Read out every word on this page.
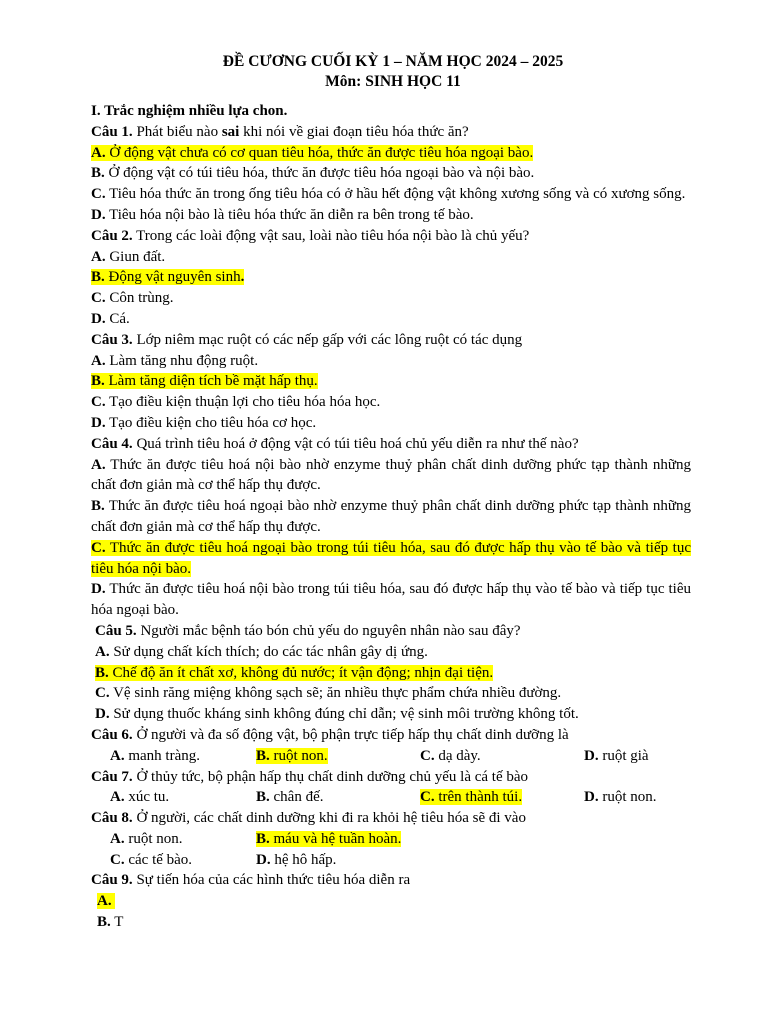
ĐỀ CƯƠNG CUỐI KỲ 1 – NĂM HỌC 2024 – 2025
Môn: SINH HỌC 11

I. Trắc nghiệm nhiều lựa chon.

Câu 1. Phát biểu nào sai khi nói về giai đoạn tiêu hóa thức ăn?

A. Ở động vật chưa có cơ quan tiêu hóa, thức ăn được tiêu hóa ngoại bào.

B. Ở động vật có túi tiêu hóa, thức ăn được tiêu hóa ngoại bào và nội bào.

C. Tiêu hóa thức ăn trong ống tiêu hóa có ở hầu hết động vật không xương sống và có xương sống.

D. Tiêu hóa nội bào là tiêu hóa thức ăn diễn ra bên trong tế bào.

Câu 2. Trong các loài động vật sau, loài nào tiêu hóa nội bào là chủ yếu?

A. Giun đất.

B. Động vật nguyên sinh.

C. Côn trùng.

D. Cá.

Câu 3. Lớp niêm mạc ruột có các nếp gấp với các lông ruột có tác dụng

A. Làm tăng nhu động ruột.

B. Làm tăng diện tích bề mặt hấp thụ.

C. Tạo điều kiện thuận lợi cho tiêu hóa hóa học.

D. Tạo điều kiện cho tiêu hóa cơ học.

Câu 4. Quá trình tiêu hoá ở động vật có túi tiêu hoá chủ yếu diễn ra như thế nào?

A. Thức ăn được tiêu hoá nội bào nhờ enzyme thuỷ phân chất dinh dưỡng phức tạp thành những chất đơn giản mà cơ thể hấp thụ được.

B. Thức ăn được tiêu hoá ngoại bào nhờ enzyme thuỷ phân chất dinh dưỡng phức tạp thành những chất đơn giản mà cơ thể hấp thụ được.

C. Thức ăn được tiêu hoá ngoại bào trong túi tiêu hóa, sau đó được hấp thụ vào tế bào và tiếp tục tiêu hóa nội bào.

D. Thức ăn được tiêu hoá nội bào trong túi tiêu hóa, sau đó được hấp thụ vào tế bào và tiếp tục tiêu hóa ngoại bào.

Câu 5. Người mắc bệnh táo bón chủ yếu do nguyên nhân nào sau đây?

A. Sử dụng chất kích thích; do các tác nhân gây dị ứng.

B. Chế độ ăn ít chất xơ, không đủ nước; ít vận động; nhịn đại tiện.

C. Vệ sinh răng miệng không sạch sẽ; ăn nhiều thực phẩm chứa nhiều đường.

D. Sử dụng thuốc kháng sinh không đúng chỉ dẫn; vệ sinh môi trường không tốt.

Câu 6. Ở người và đa số động vật, bộ phận trực tiếp hấp thụ chất dinh dưỡng là

A. manh tràng.	B. ruột non.	C. dạ dày.	D. ruột già

Câu 7. Ở thủy tức, bộ phận hấp thụ chất dinh dưỡng chủ yếu là cá tế bào

A. xúc tu.	B. chân đế.	C. trên thành túi.	D. ruột non.

Câu 8. Ở người, các chất dinh dưỡng khi đi ra khỏi hệ tiêu hóa sẽ đi vào

A. ruột non.	B. máu và hệ tuần hoàn.
C. các tế bào.	D. hệ hô hấp.

Câu 9. Sự tiến hóa của các hình thức tiêu hóa diễn ra

A.

B. T
